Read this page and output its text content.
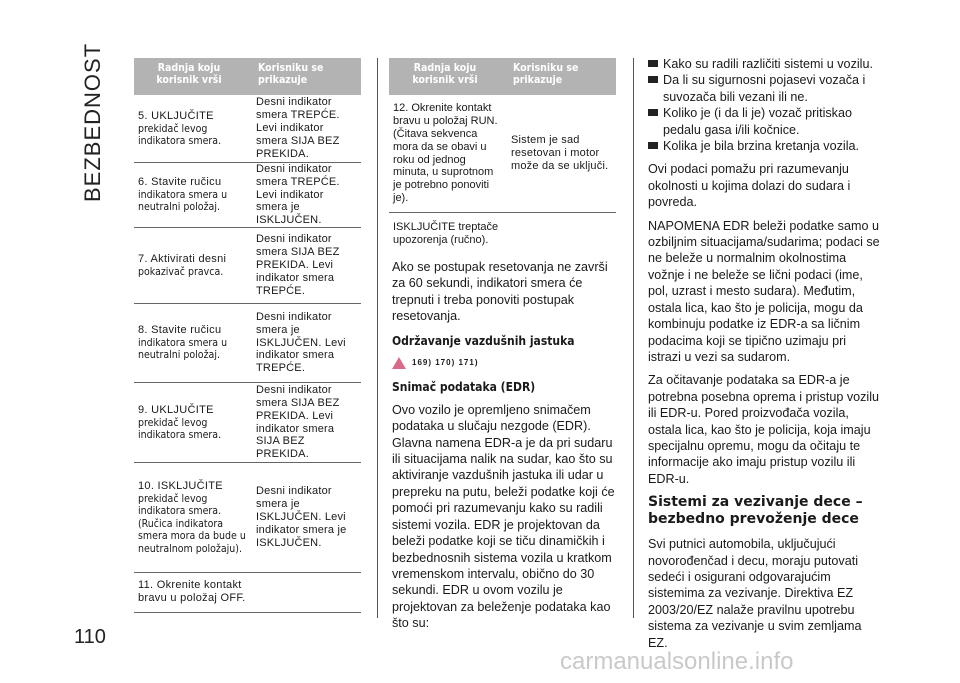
BEZBEDNOST
110
Radnja koju korisnik vrši
Korisniku se prikazuje
5. UKLJUČITE
prekidač levog indikatora smera.
Desni indikator smera TREPĆE. Levi indikator smera SIJA BEZ PREKIDA.
6. Stavite ručicu
indikatora smera u neutralni položaj.
Desni indikator smera TREPĆE. Levi indikator smera je ISKLJUČEN.
7. Aktivirati desni
pokazivač pravca.
Desni indikator smera SIJA BEZ PREKIDA. Levi indikator smera TREPĆE.
8. Stavite ručicu
indikatora smera u neutralni položaj.
Desni indikator smera je ISKLJUČEN. Levi indikator smera TREPĆE.
9. UKLJUČITE
prekidač levog indikatora smera.
Desni indikator smera SIJA BEZ PREKIDA. Levi indikator smera SIJA BEZ PREKIDA.
10. ISKLJUČITE
prekidač levog indikatora smera. (Ručica indikatora smera mora da bude u neutralnom položaju).
Desni indikator smera je ISKLJUČEN. Levi indikator smera je ISKLJUČEN.
11. Okrenite kontakt bravu u položaj OFF.
Radnja koju korisnik vrši
Korisniku se prikazuje
12. Okrenite kontakt bravu u položaj RUN. (Čitava sekvenca mora da se obavi u roku od jednog minuta, u suprotnom je potrebno ponoviti je).
Sistem je sad resetovan i motor može da se uključi.
ISKLJUČITE treptače upozorenja (ručno).

Ako se postupak resetovanja ne završi za 60 sekundi, indikatori smera će trepnuti i treba ponoviti postupak resetovanja.

Održavanje vazdušnih jastuka
169) 170) 171)
Snimač podataka (EDR)

Ovo vozilo je opremljeno snimačem podataka u slučaju nezgode (EDR). Glavna namena EDR-a je da pri sudaru ili situacijama nalik na sudar, kao što su aktiviranje vazdušnih jastuka ili udar u prepreku na putu, beleži podatke koji će pomoći pri razumevanju kako su radili sistemi vozila. EDR je projektovan da beleži podatke koji se tiču dinamičkih i bezbednosnih sistema vozila u kratkom vremenskom intervalu, obično do 30 sekundi. EDR u ovom vozilu je projektovan za beleženje podataka kao što su:

Kako su radili različiti sistemi u vozilu.
Da li su sigurnosni pojasevi vozača i suvozača bili vezani ili ne.
Koliko je (i da li je) vozač pritiskao pedalu gasa i/ili kočnice.
Kolika je bila brzina kretanja vozila.

Ovi podaci pomažu pri razumevanju okolnosti u kojima dolazi do sudara i povreda.

NAPOMENA EDR beleži podatke samo u ozbiljnim situacijama/sudarima; podaci se ne beleže u normalnim okolnostima vožnje i ne beleže se lični podaci (ime, pol, uzrast i mesto sudara). Međutim, ostala lica, kao što je policija, mogu da kombinuju podatke iz EDR-a sa ličnim podacima koji se tipično uzimaju pri istrazi u vezi sa sudarom.

Za očitavanje podataka sa EDR-a je potrebna posebna oprema i pristup vozilu ili EDR-u. Pored proizvođača vozila, ostala lica, kao što je policija, koja imaju specijalnu opremu, mogu da očitaju te informacije ako imaju pristup vozilu ili EDR-u.

Sistemi za vezivanje dece – bezbedno prevoženje dece

Svi putnici automobila, uključujući novorođenčad i decu, moraju putovati sedeći i osigurani odgovarajućim sistemima za vezivanje. Direktiva EZ 2003/20/EZ nalaže pravilnu upotrebu sistema za vezivanje u svim zemljama EZ.

carmanualsonline.info
